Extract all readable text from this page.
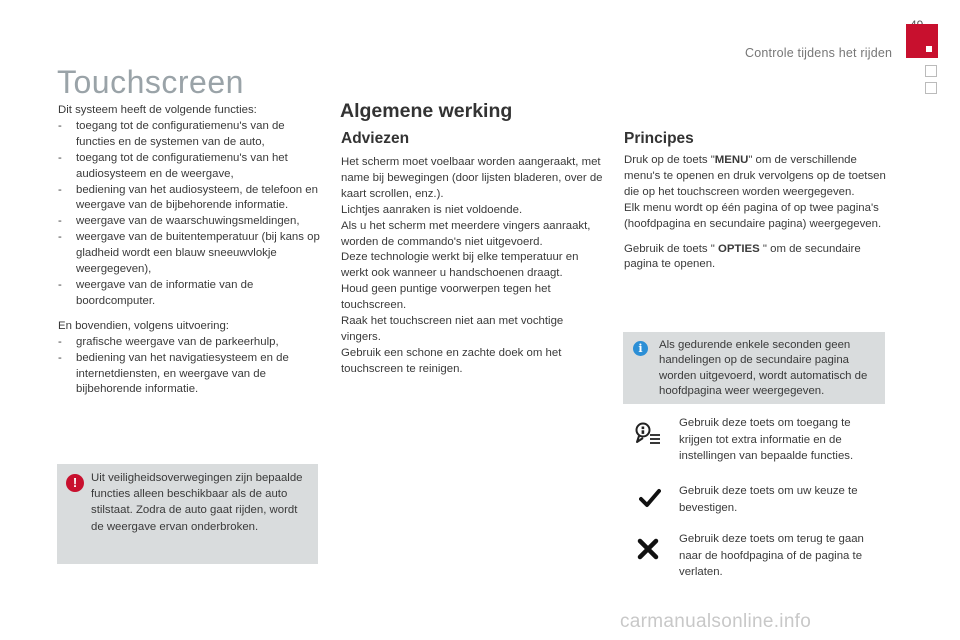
Controle tijdens het rijden
Touchscreen

Dit systeem heeft de volgende functies:

- toegang tot de configuratiemenu's van de functies en de systemen van de auto,
- toegang tot de configuratiemenu's van het audiosysteem en de weergave,
- bediening van het audiosysteem, de telefoon en weergave van de bijbehorende informatie.
- weergave van de waarschuwingsmeldingen,
- weergave van de buitentemperatuur (bij kans op gladheid wordt een blauw sneeuwvlokje weergegeven),
- weergave van de informatie van de boordcomputer.

En bovendien, volgens uitvoering:

- grafische weergave van de parkeerhulp,
- bediening van het navigatiesysteem en de internetdiensten, en weergave van de bijbehorende informatie.
!	Uit veiligheidsoverwegingen zijn bepaalde functies alleen beschikbaar als de auto stilstaat. Zodra de auto gaat rijden, wordt de weergave ervan onderbroken.

Algemene werking
Adviezen

Het scherm moet voelbaar worden aangeraakt, met name bij bewegingen (door lijsten bladeren, over de kaart scrollen, enz.).

Lichtjes aanraken is niet voldoende.

Als u het scherm met meerdere vingers aanraakt, worden de commando's niet uitgevoerd.

Deze technologie werkt bij elke temperatuur en werkt ook wanneer u handschoenen draagt.

Houd geen puntige voorwerpen tegen het touchscreen.

Raak het touchscreen niet aan met vochtige vingers.

Gebruik een schone en zachte doek om het touchscreen te reinigen.

Principes

Druk op de toets "MENU" om de verschillende menu's te openen en druk vervolgens op de toetsen die op het touchscreen worden weergegeven.

Elk menu wordt op één pagina of op twee pagina's (hoofdpagina en secundaire pagina) weergegeven.

Gebruik de toets " OPTIES " om de secundaire pagina te openen.

i	Als gedurende enkele seconden geen handelingen op de secundaire pagina worden uitgevoerd, wordt automatisch de hoofdpagina weer weergegeven.

Gebruik deze toets om toegang te krijgen tot extra informatie en de instellingen van bepaalde functies.

Gebruik deze toets om uw keuze te bevestigen.

Gebruik deze toets om terug te gaan naar de hoofdpagina of de pagina te verlaten.

carmanualsonline.info
